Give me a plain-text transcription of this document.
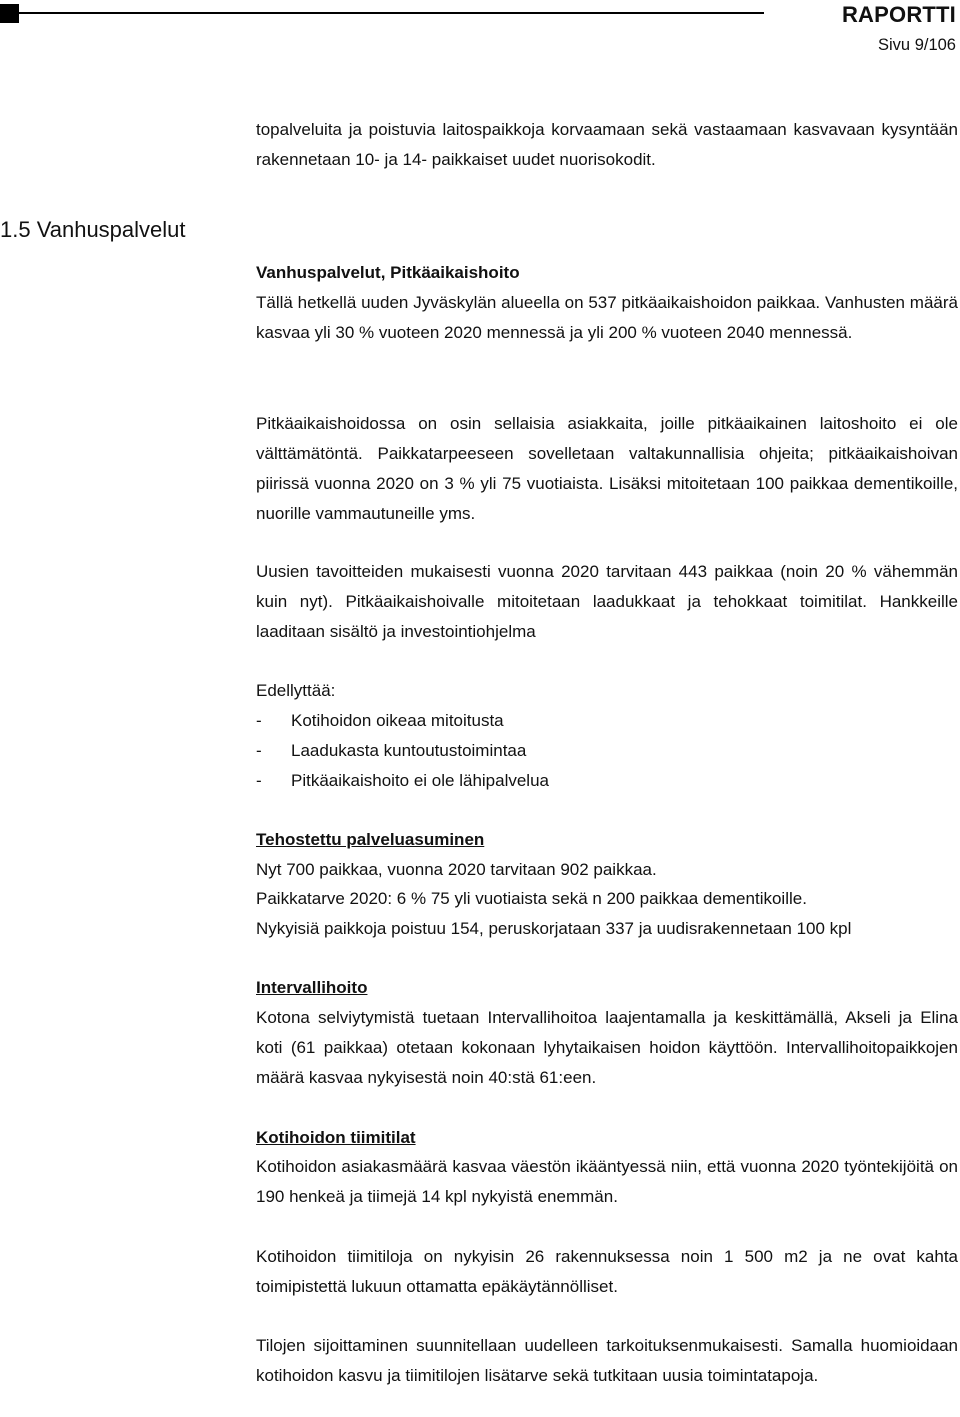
RAPORTTI
Sivu 9/106

topalveluita ja poistuvia laitospaikkoja korvaamaan sekä vastaamaan kasvavaan kysyntään rakennetaan 10- ja 14- paikkaiset uudet nuorisokodit.

1.5 Vanhuspalvelut

Vanhuspalvelut, Pitkäaikaishoito

Tällä hetkellä uuden Jyväskylän alueella on 537 pitkäaikaishoidon paikkaa. Vanhusten määrä kasvaa yli 30 % vuoteen 2020 mennessä ja yli 200 % vuoteen 2040 mennessä.

Pitkäaikaishoidossa on osin sellaisia asiakkaita, joille pitkäaikainen laitoshoito ei ole välttämätöntä. Paikkatarpeeseen sovelletaan valtakunnallisia ohjeita; pitkäaikaishoivan piirissä vuonna 2020 on 3 % yli 75 vuotiaista. Lisäksi mitoitetaan 100 paikkaa dementikoille, nuorille vammautuneille yms.

Uusien tavoitteiden mukaisesti vuonna 2020 tarvitaan 443 paikkaa (noin 20 % vähemmän kuin nyt). Pitkäaikaishoivalle mitoitetaan laadukkaat ja tehokkaat toimitilat. Hankkeille laaditaan sisältö ja investointiohjelma

Edellyttää:

- Kotihoidon oikeaa mitoitusta
- Laadukasta kuntoutustoimintaa
- Pitkäaikaishoito ei ole lähipalvelua

Tehostettu palveluasuminen

Nyt 700 paikkaa, vuonna 2020 tarvitaan 902 paikkaa.

Paikkatarve 2020: 6 % 75 yli vuotiaista sekä n 200 paikkaa dementikoille.

Nykyisiä paikkoja poistuu 154, peruskorjataan 337 ja uudisrakennetaan 100 kpl

Intervallihoito

Kotona selviytymistä tuetaan Intervallihoitoa laajentamalla ja keskittämällä, Akseli ja Elina koti (61 paikkaa) otetaan kokonaan lyhytaikaisen hoidon käyttöön. Intervallihoitopaikkojen määrä kasvaa nykyisestä noin 40:stä 61:een.

Kotihoidon tiimitilat

Kotihoidon asiakasmäärä kasvaa väestön ikääntyessä niin, että vuonna 2020 työntekijöitä on 190 henkeä ja tiimejä 14 kpl nykyistä enemmän.

Kotihoidon tiimitiloja on nykyisin 26 rakennuksessa noin 1 500 m2 ja ne ovat kahta toimipistettä lukuun ottamatta epäkäytännölliset.

Tilojen sijoittaminen suunnitellaan uudelleen tarkoituksenmukaisesti. Samalla huomioidaan kotihoidon kasvu ja tiimitilojen lisätarve sekä tutkitaan uusia toimintatapoja.
